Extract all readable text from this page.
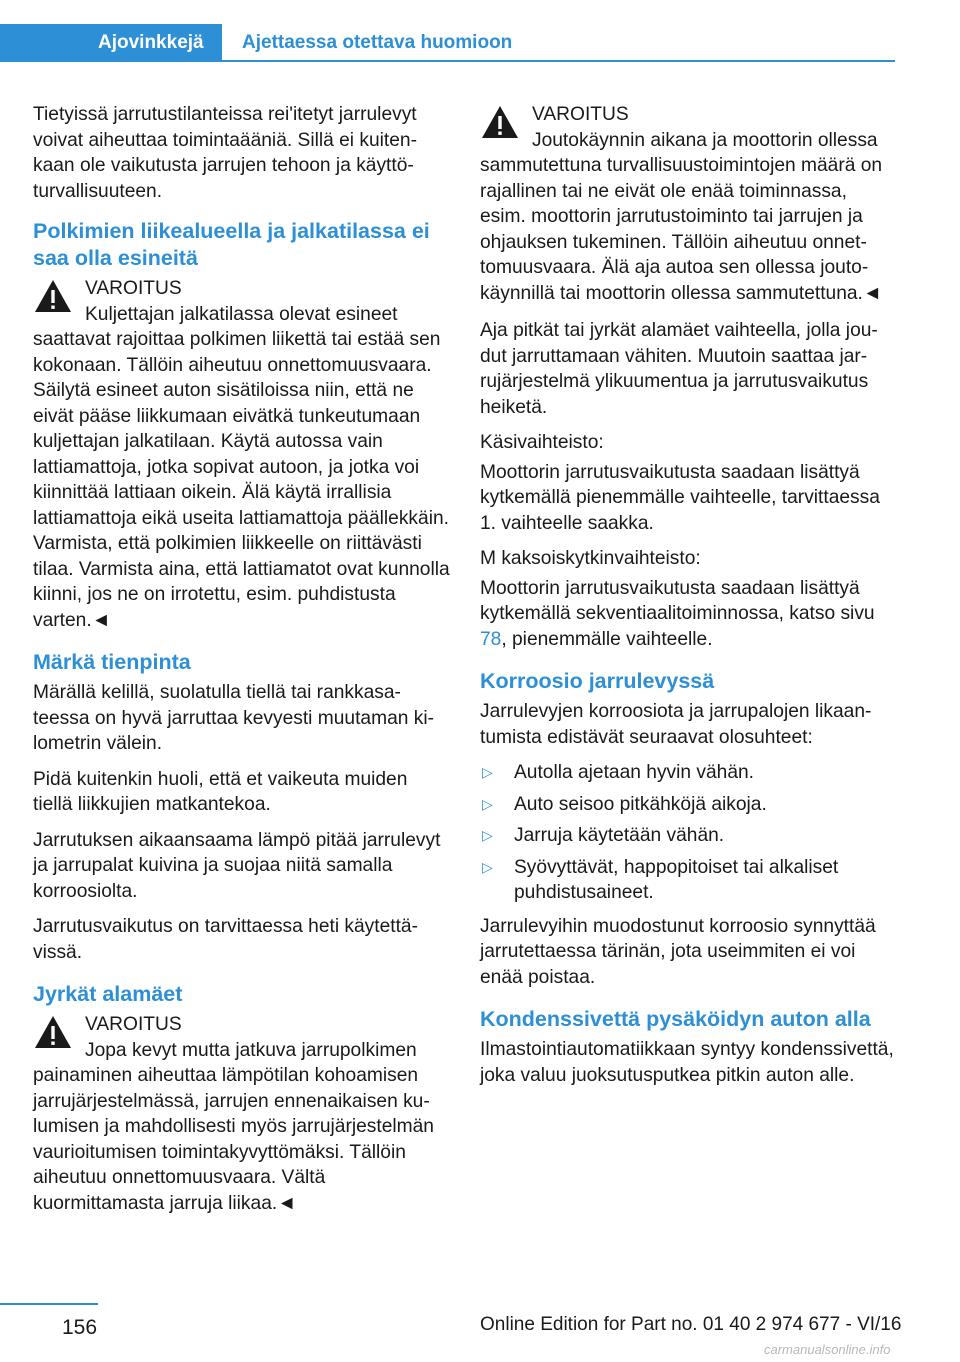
Ajovinkkejä	Ajettaessa otettava huomioon

Tietyissä jarrutustilanteissa rei'itetyt jarrulevyt voivat aiheuttaa toimintaääniä. Sillä ei kuitenkaan ole vaikutusta jarrujen tehoon ja käyttöturvallisuuteen.

Polkimien liikealueella ja jalkatilassa ei saa olla esineitä
VAROITUS
Kuljettajan jalkatilassa olevat esineet saattavat rajoittaa polkimen liikettä tai estää sen kokonaan. Tällöin aiheutuu onnettomuusvaara. Säilytä esineet auton sisätiloissa niin, että ne eivät pääse liikkumaan eivätkä tunkeutumaan kuljettajan jalkatilaan. Käytä autossa vain lattiamattoja, jotka sopivat autoon, ja jotka voi kiinnittää lattiaan oikein. Älä käytä irrallisia lattiamattoja eikä useita lattiamattoja päällekkäin. Varmista, että polkimien liikkeelle on riittävästi tilaa. Varmista aina, että lattiamatot ovat kunnolla kiinni, jos ne on irrotettu, esim. puhdistusta varten.◄
Märkä tienpinta

Märällä kelillä, suolatulla tiellä tai rankkasateessa on hyvä jarruttaa kevyesti muutaman kilometrin välein.

Pidä kuitenkin huoli, että et vaikeuta muiden tiellä liikkujien matkantekoa.

Jarrutuksen aikaansaama lämpö pitää jarrulevyt ja jarrupalat kuivina ja suojaa niitä samalla korroosiolta.

Jarrutusvaikutus on tarvittaessa heti käytettävissä.

Jyrkät alamäet
VAROITUS
Jopa kevyt mutta jatkuva jarrupolkimen painaminen aiheuttaa lämpötilan kohoamisen jarrujärjestelmässä, jarrujen ennenaikaisen kulumisen ja mahdollisesti myös jarrujärjestelmän vaurioitumisen toimintakyvyttömäksi. Tällöin aiheutuu onnettomuusvaara. Vältä kuormittamasta jarruja liikaa.◄
VAROITUS
Joutokäynnin aikana ja moottorin ollessa sammutettuna turvallisuustoimintojen määrä on rajallinen tai ne eivät ole enää toiminnassa, esim. moottorin jarrutustoiminto tai jarrujen ja ohjauksen tukeminen. Tällöin aiheutuu onnettomuusvaara. Älä aja autoa sen ollessa joutokäynnillä tai moottorin ollessa sammutettuna.◄

Aja pitkät tai jyrkät alamäet vaihteella, jolla joudut jarruttamaan vähiten. Muutoin saattaa jarrujärjestelmä ylikuumentua ja jarrutusvaikutus heiketä.

Käsivaihteisto:

Moottorin jarrutusvaikutusta saadaan lisättyä kytkemällä pienemmälle vaihteelle, tarvittaessa 1. vaihteelle saakka.

M kaksoiskytkinvaihteisto:

Moottorin jarrutusvaikutusta saadaan lisättyä kytkemällä sekventiaalitoiminnossa, katso sivu 78, pienemmälle vaihteelle.

Korroosio jarrulevyssä

Jarrulevyjen korroosiota ja jarrupalojen likaantumista edistävät seuraavat olosuhteet:

▷ Autolla ajetaan hyvin vähän.
▷ Auto seisoo pitkähköjä aikoja.
▷ Jarruja käytetään vähän.
▷ Syövyttävät, happopitoiset tai alkaliset puhdistusaineet.

Jarrulevyihin muodostunut korroosio synnyttää jarrutettaessa tärinän, jota useimmiten ei voi enää poistaa.

Kondenssivettä pysäköidyn auton alla

Ilmastointiautomatiikkaan syntyy kondenssivettä, joka valuu juoksutusputkea pitkin auton alle.

156	Online Edition for Part no. 01 40 2 974 677 - VI/16
carmanualsonline.info
